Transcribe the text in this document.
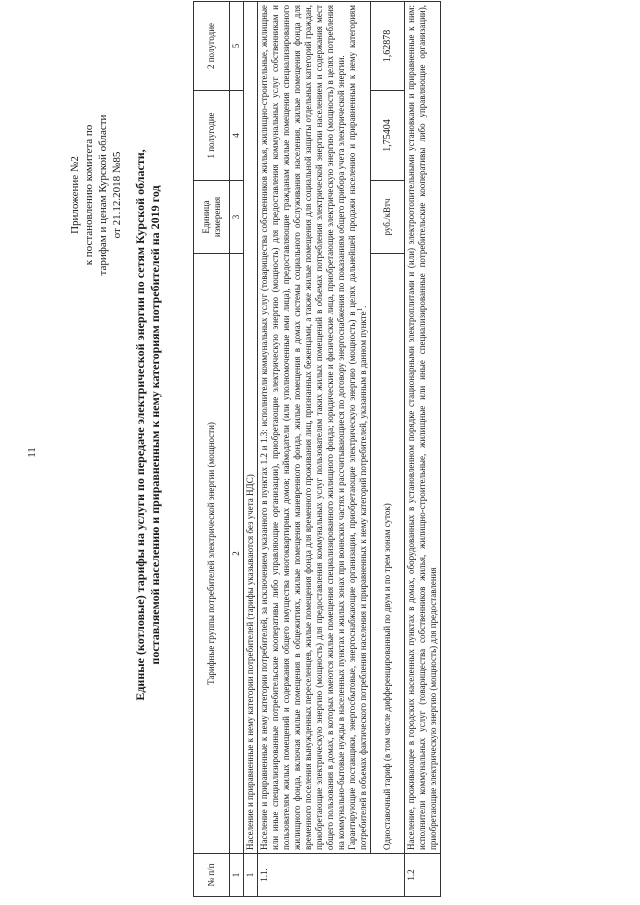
11
Приложение №2 к постановлению комитета по тарифам и ценам Курской области от 21.12.2018 №85 Единые (котловые) тарифы на услуги по передаче электрической энергии по сетям Курской области, поставляемой населению и приравненным к нему категориям потребителей на 2019 год
№ п/п	Тарифные группы потребителей электрической энергии (мощности)	Единица измерения	1 полугодие	2 полугодие
1	2	3	4	5
1	Население и приравненные к нему категории потребителей (тарифы указываются без учета НДС)			
1.1.	Население и приравненные к нему категории потребителей, за исключением указанного в пунктах 1.2 и 1.3: исполнители коммунальных услуг (товарищества собственников жилья, жилищно-строительные, жилищные или иные специализированные потребительские кооперативы либо управляющие организации), приобретающие электрическую энергию (мощность) для предоставления коммунальных услуг собственникам и пользователям жилых помещений и содержания общего имущества многоквартирных домов; наймодатели (или уполномоченные ими лица), предоставляющие гражданам жилые помещения специализированного жилищного фонда, включая жилые помещения в общежитиях, жилые помещения маневренного фонда, жилые помещения в домах системы социального обслуживания населения, жилые помещения фонда для временного поселения вынужденных переселенцев, жилые помещения фонда для временного проживания лиц, признанных беженцами, а также жилые помещения для социальной защиты отдельных категорий граждан, приобретающие электрическую энергию (мощность) для предоставления коммунальных услуг пользователям таких жилых помещений в объемах потребления электрической энергии населением и содержания мест общего пользования в домах, в которых имеются жилые помещения специализированного жилищного фонда; юридические и физические лица, приобретающие электрическую энергию (мощность) в целях потребления на коммунально-бытовые нужды в населенных пунктах и жилых зонах при воинских частях и рассчитывающиеся по договору энергоснабжения по показаниям общего прибора учета электрической энергии. Гарантирующие поставщики, энергосбытовые, энергоснабжающие организации, приобретающие электрическую энергию (мощность) в целях дальнейшей продажи населению и приравненным к нему категориям потребителей в объемах фактического потребления населения и приравненных к нему категорий потребителей, указанным в данном пункте$^1$.			

	Одноставочный тариф (в том числе дифференцированный по двум и по трем зонам суток)	руб./кВтч	1,75404	1,62878
1.2	Население, проживающее в городских населенных пунктах в домах, оборудованных в установленном порядке стационарными электроплитами и (или) электроотопительными установками и приравненные к ним: исполнители коммунальных услуг (товарищества собственников жилья, жилищно-строительные, жилищные или иные специализированные потребительские кооперативы либо управляющие организации), приобретающие электрическую энергию (мощность) для предоставления			
